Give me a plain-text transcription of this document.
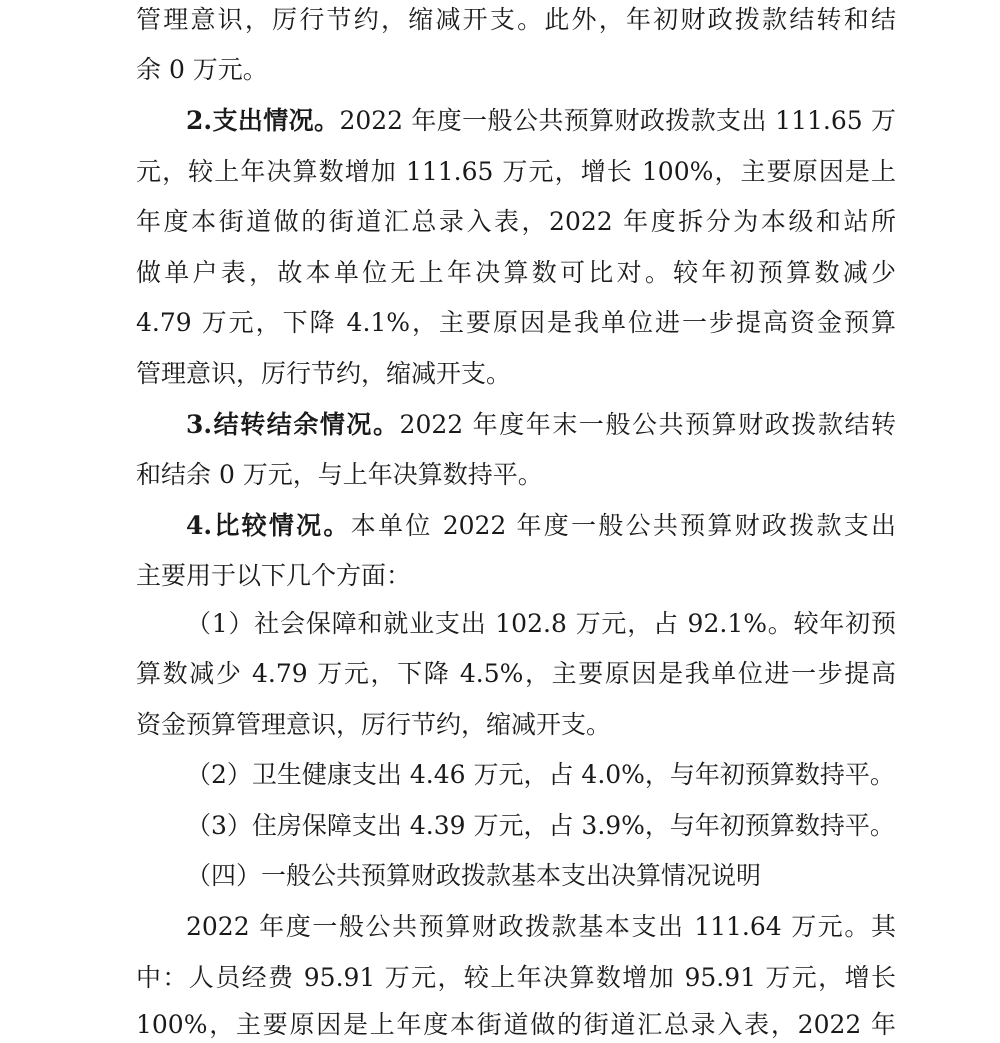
管理意识，厉行节约，缩减开支。此外，年初财政拨款结转和结
余 0 万元。
2.支出情况。2022 年度一般公共预算财政拨款支出 111.65 万
元，较上年决算数增加 111.65 万元，增长 100%，主要原因是上
年度本街道做的街道汇总录入表，2022 年度拆分为本级和站所
做单户表，故本单位无上年决算数可比对。较年初预算数减少
4.79 万元，下降 4.1%，主要原因是我单位进一步提高资金预算
管理意识，厉行节约，缩减开支。
3.结转结余情况。2022 年度年末一般公共预算财政拨款结转
和结余 0 万元，与上年决算数持平。
4.比较情况。本单位 2022 年度一般公共预算财政拨款支出
主要用于以下几个方面：
（1）社会保障和就业支出 102.8 万元，占 92.1%。较年初预
算数减少 4.79 万元，下降 4.5%，主要原因是我单位进一步提高
资金预算管理意识，厉行节约，缩减开支。
（2）卫生健康支出 4.46 万元，占 4.0%，与年初预算数持平。
（3）住房保障支出 4.39 万元，占 3.9%，与年初预算数持平。
（四）一般公共预算财政拨款基本支出决算情况说明
2022 年度一般公共预算财政拨款基本支出 111.64 万元。其
中：人员经费 95.91 万元，较上年决算数增加 95.91 万元，增长
100%，主要原因是上年度本街道做的街道汇总录入表，2022 年
